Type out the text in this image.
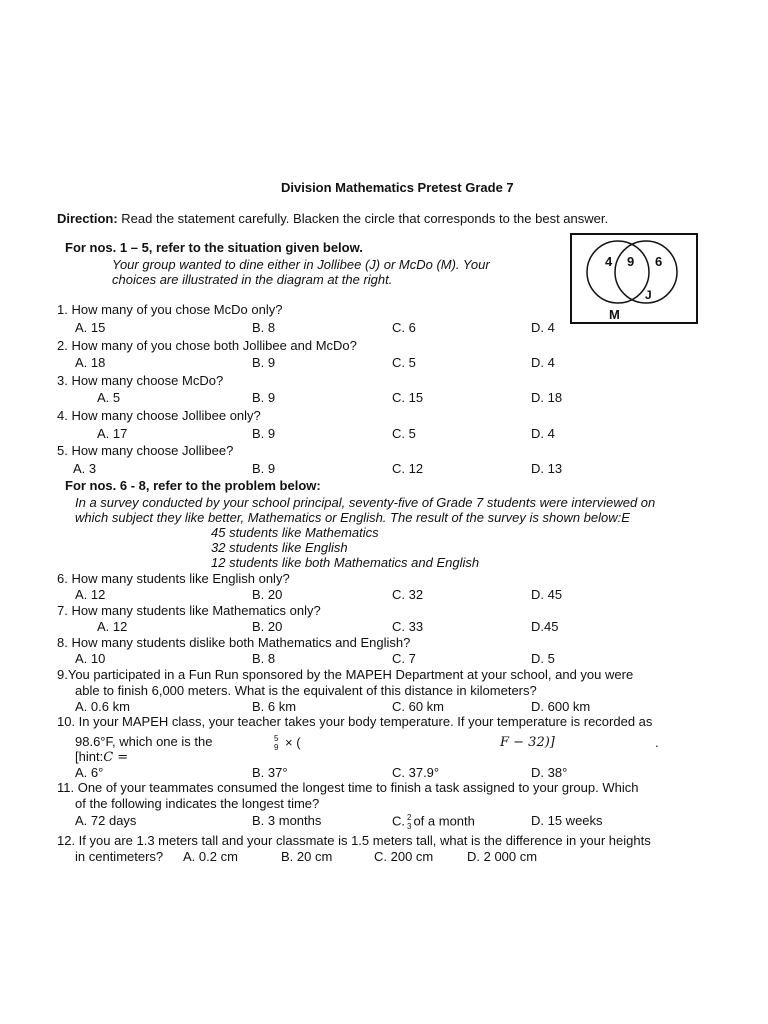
Division Mathematics Pretest Grade 7
Direction: Read the statement carefully. Blacken the circle that corresponds to the best answer.
For nos. 1 – 5, refer to the situation given below.
Your group wanted to dine either in Jollibee (J) or McDo (M). Your
choices are illustrated in the diagram at the right.
4 9 6
J
M
1. How many of you chose McDo only?
A. 15	B. 8	C. 6	D. 4
2. How many of you chose both Jollibee and McDo?
A. 18	B. 9	C. 5	D. 4
3. How many choose McDo?
A. 5	B. 9	C. 15	D. 18
4. How many choose Jollibee only?
A. 17	B. 9	C. 5	D. 4
5. How many choose Jollibee?
A. 3	B. 9	C. 12	D. 13
For nos. 6 - 8, refer to the problem below:
In a survey conducted by your school principal, seventy-five of Grade 7 students were interviewed on
which subject they like better, Mathematics or English. The result of the survey is shown below:E
45 students like Mathematics
32 students like English
12 students like both Mathematics and English
6. How many students like English only?
A. 12	B. 20	C. 32	D. 45
7. How many students like Mathematics only?
A. 12	B. 20	C. 33	D.45
8. How many students dislike both Mathematics and English?
A. 10	B. 8	C. 7	D. 5
9.You participated in a Fun Run sponsored by the MAPEH Department at your school, and you were
able to finish 6,000 meters. What is the equivalent of this distance in kilometers?
A. 0.6 km	B. 6 km	C. 60 km	D. 600 km
10. In your MAPEH class, your teacher takes your body temperature. If your temperature is recorded as
98.6°F, which one is the	5
9 × (	F − 32)]	.
[hint:C =
A. 6°	B. 37°	C. 37.9°	D. 38°
11. One of your teammates consumed the longest time to finish a task assigned to your group. Which
of the following indicates the longest time?
A. 72 days	B. 3 months	C. 2
3 of a month	D. 15 weeks
12. If you are 1.3 meters tall and your classmate is 1.5 meters tall, what is the difference in your heights
in centimeters? A. 0.2 cm	B. 20 cm	C. 200 cm	D. 2 000 cm
